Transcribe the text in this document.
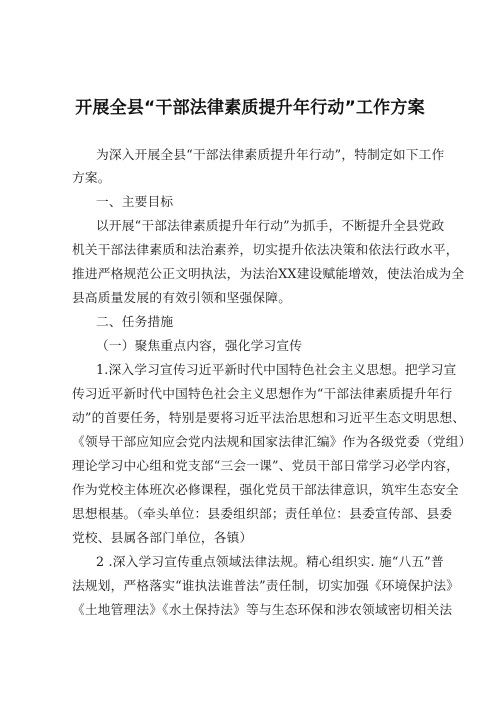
开展全县“干部法律素质提升年行动”工作方案
为深入开展全县“干部法律素质提升年行动”，特制定如下工作
方案。
一、主要目标
以开展“干部法律素质提升年行动”为抓手，不断提升全县党政
机关干部法律素质和法治素养，切实提升依法决策和依法行政水平，
推进严格规范公正文明执法，为法治XX建设赋能增效，使法治成为全
县高质量发展的有效引领和坚强保障。
二、任务措施
（一）聚焦重点内容，强化学习宣传
1.深入学习宣传习近平新时代中国特色社会主义思想。把学习宣
传习近平新时代中国特色社会主义思想作为“干部法律素质提升年行
动”的首要任务，特别是要将习近平法治思想和习近平生态文明思想、
《领导干部应知应会党内法规和国家法律汇编》作为各级党委（党组）
理论学习中心组和党支部“三会一课”、党员干部日常学习必学内容，
作为党校主体班次必修课程，强化党员干部法律意识，筑牢生态安全
思想根基。（牵头单位：县委组织部；责任单位：县委宣传部、县委
党校、县属各部门单位，各镇）
2 .深入学习宣传重点领域法律法规。精心组织实. 施“八五”普
法规划，严格落实“谁执法谁普法”责任制，切实加强《环境保护法》
《土地管理法》《水土保持法》等与生态环保和涉农领域密切相关法
